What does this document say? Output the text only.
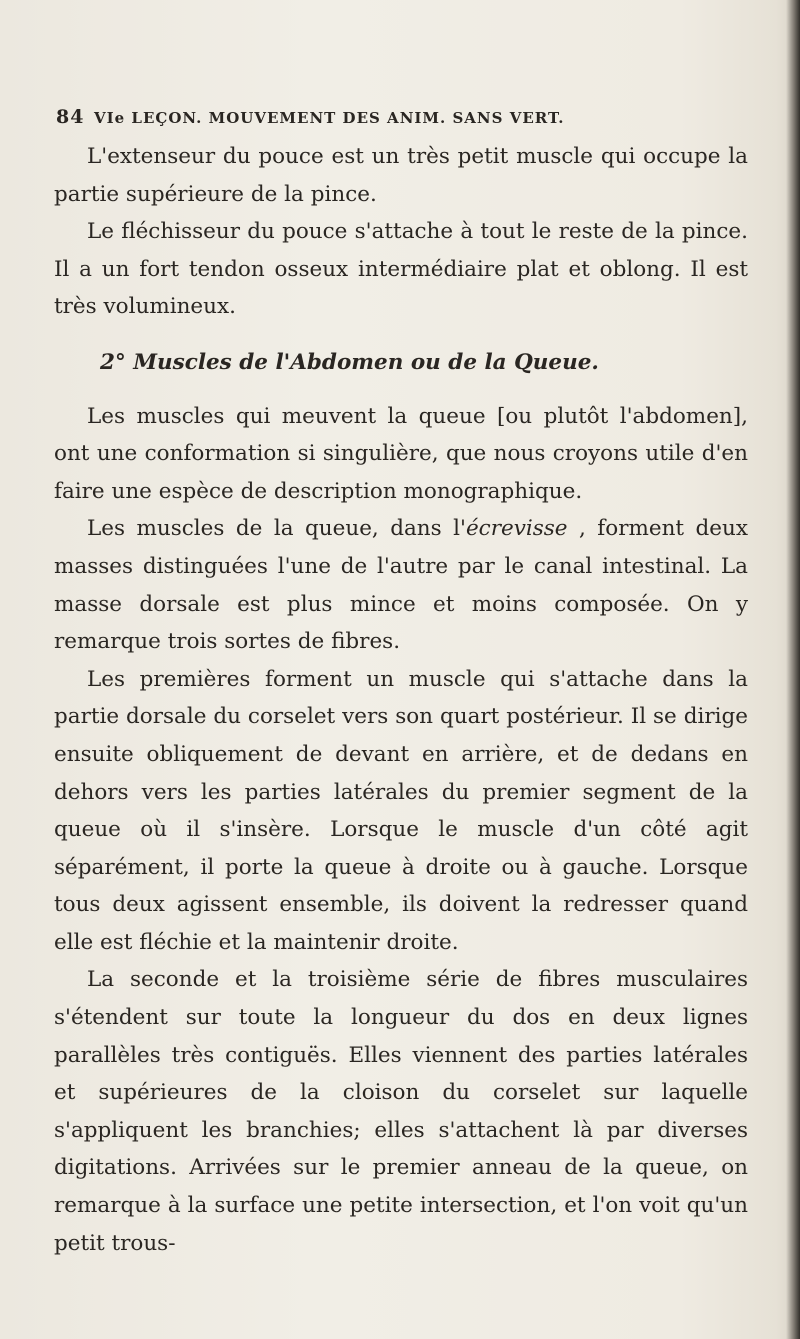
84 VIe LEÇON. MOUVEMENT DES ANIM. SANS VERT.

L'extenseur du pouce est un très petit muscle qui occupe la partie supérieure de la pince.

Le fléchisseur du pouce s'attache à tout le reste de la pince. Il a un fort tendon osseux intermédiaire plat et oblong. Il est très volumineux.

2° Muscles de l'Abdomen ou de la Queue.

Les muscles qui meuvent la queue [ou plutôt l'abdomen], ont une conformation si singulière, que nous croyons utile d'en faire une espèce de description monographique.

Les muscles de la queue, dans l'écrevisse , forment deux masses distinguées l'une de l'autre par le canal intestinal. La masse dorsale est plus mince et moins composée. On y remarque trois sortes de fibres.

Les premières forment un muscle qui s'attache dans la partie dorsale du corselet vers son quart postérieur. Il se dirige ensuite obliquement de devant en arrière, et de dedans en dehors vers les parties latérales du premier segment de la queue où il s'insère. Lorsque le muscle d'un côté agit séparément, il porte la queue à droite ou à gauche. Lorsque tous deux agissent ensemble, ils doivent la redresser quand elle est fléchie et la maintenir droite.

La seconde et la troisième série de fibres musculaires s'étendent sur toute la longueur du dos en deux lignes parallèles très contiguës. Elles viennent des parties latérales et supérieures de la cloison du corselet sur laquelle s'appliquent les branchies; elles s'attachent là par diverses digitations. Arrivées sur le premier anneau de la queue, on remarque à la surface une petite intersection, et l'on voit qu'un petit trous-
